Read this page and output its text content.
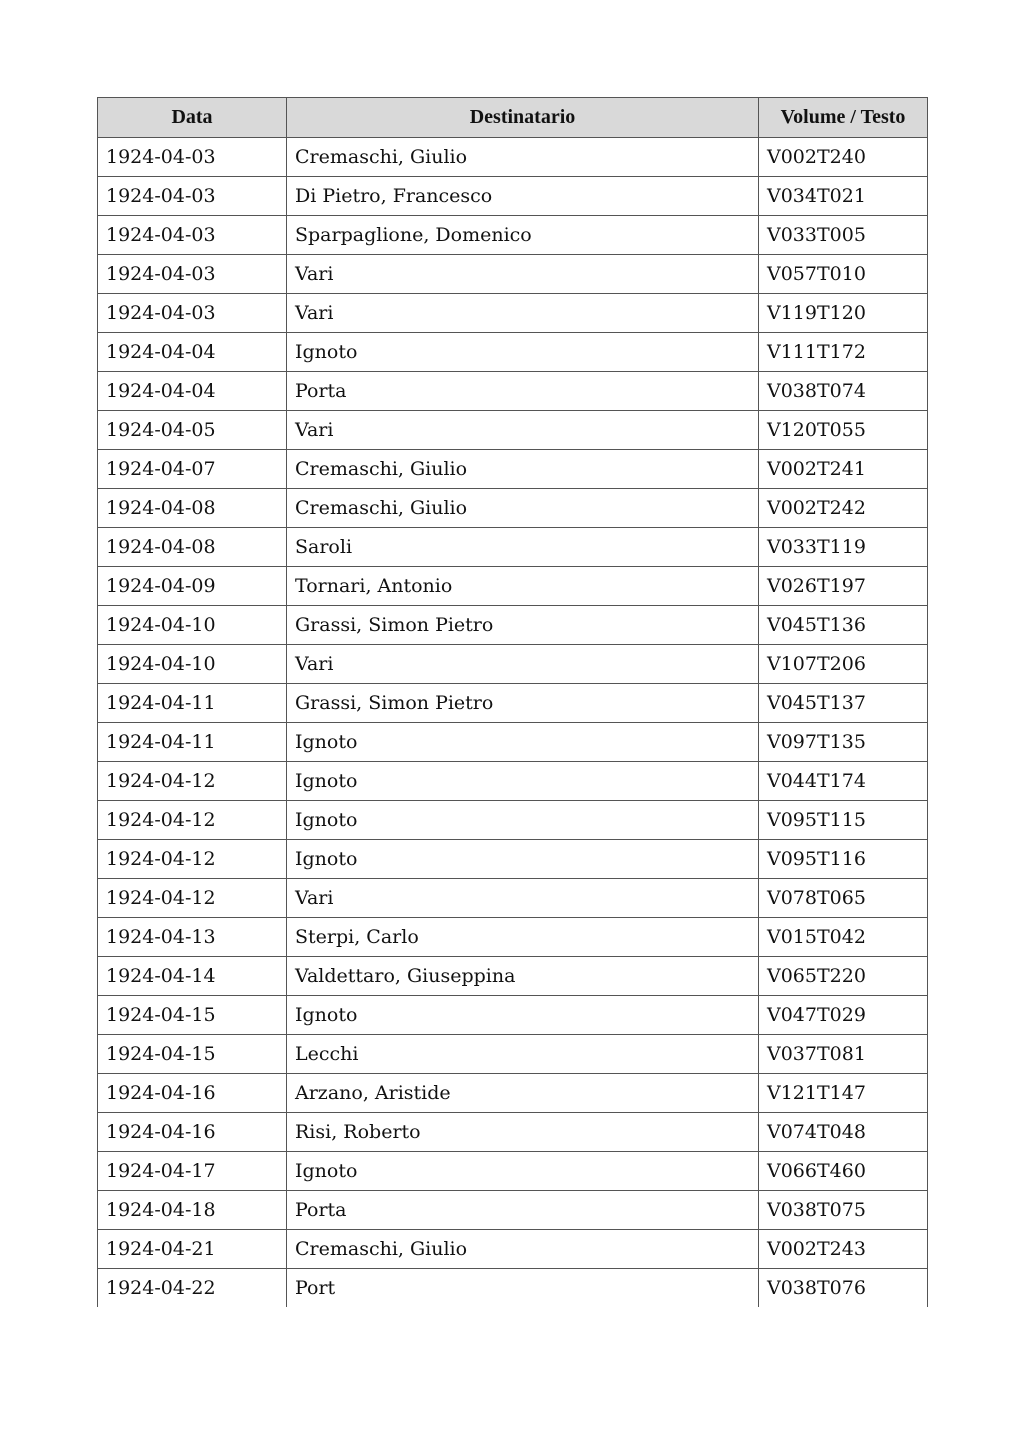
Data	Destinatario	Volume / Testo
1924-04-03	Cremaschi, Giulio	V002T240
1924-04-03	Di Pietro, Francesco	V034T021
1924-04-03	Sparpaglione, Domenico	V033T005
1924-04-03	Vari	V057T010
1924-04-03	Vari	V119T120
1924-04-04	Ignoto	V111T172
1924-04-04	Porta	V038T074
1924-04-05	Vari	V120T055
1924-04-07	Cremaschi, Giulio	V002T241
1924-04-08	Cremaschi, Giulio	V002T242
1924-04-08	Saroli	V033T119
1924-04-09	Tornari, Antonio	V026T197
1924-04-10	Grassi, Simon Pietro	V045T136
1924-04-10	Vari	V107T206
1924-04-11	Grassi, Simon Pietro	V045T137
1924-04-11	Ignoto	V097T135
1924-04-12	Ignoto	V044T174
1924-04-12	Ignoto	V095T115
1924-04-12	Ignoto	V095T116
1924-04-12	Vari	V078T065
1924-04-13	Sterpi, Carlo	V015T042
1924-04-14	Valdettaro, Giuseppina	V065T220
1924-04-15	Ignoto	V047T029
1924-04-15	Lecchi	V037T081
1924-04-16	Arzano, Aristide	V121T147
1924-04-16	Risi, Roberto	V074T048
1924-04-17	Ignoto	V066T460
1924-04-18	Porta	V038T075
1924-04-21	Cremaschi, Giulio	V002T243
1924-04-22	Port	V038T076
